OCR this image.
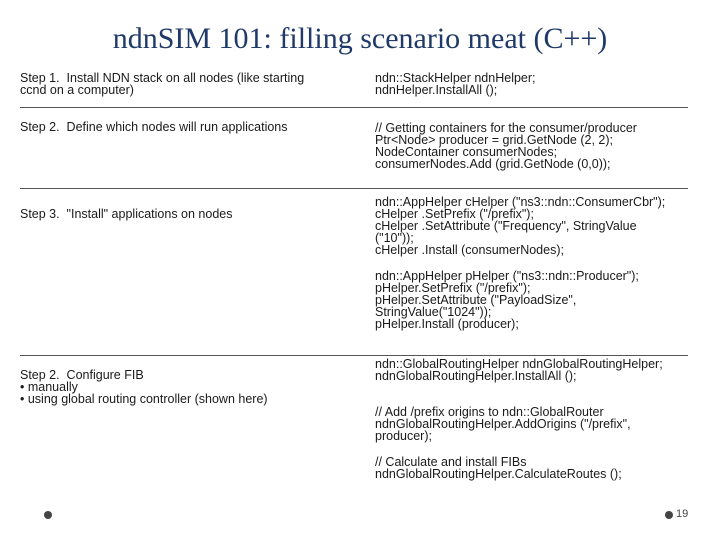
ndnSIM 101: filling scenario meat (C++)
Step 1.  Install NDN stack on all nodes (like starting
ccnd on a computer)
ndn::StackHelper ndnHelper;
ndnHelper.InstallAll ();
Step 2.  Define which nodes will run applications	// Getting containers for the consumer/producer
Ptr<Node> producer = grid.GetNode (2, 2);
NodeContainer consumerNodes;
consumerNodes.Add (grid.GetNode (0,0));
Step 3.  "Install" applications on nodes
ndn::AppHelper cHelper ("ns3::ndn::ConsumerCbr");
cHelper .SetPrefix ("/prefix");
cHelper .SetAttribute ("Frequency", StringValue
("10"));
cHelper .Install (consumerNodes);
ndn::AppHelper pHelper ("ns3::ndn::Producer");
pHelper.SetPrefix ("/prefix");
pHelper.SetAttribute ("PayloadSize",
StringValue("1024"));
pHelper.Install (producer);
Step 2.  Configure FIB
• manually
• using global routing controller (shown here)
ndn::GlobalRoutingHelper ndnGlobalRoutingHelper;
ndnGlobalRoutingHelper.InstallAll ();
// Add /prefix origins to ndn::GlobalRouter
ndnGlobalRoutingHelper.AddOrigins ("/prefix",
producer);
// Calculate and install FIBs
ndnGlobalRoutingHelper.CalculateRoutes ();
19
